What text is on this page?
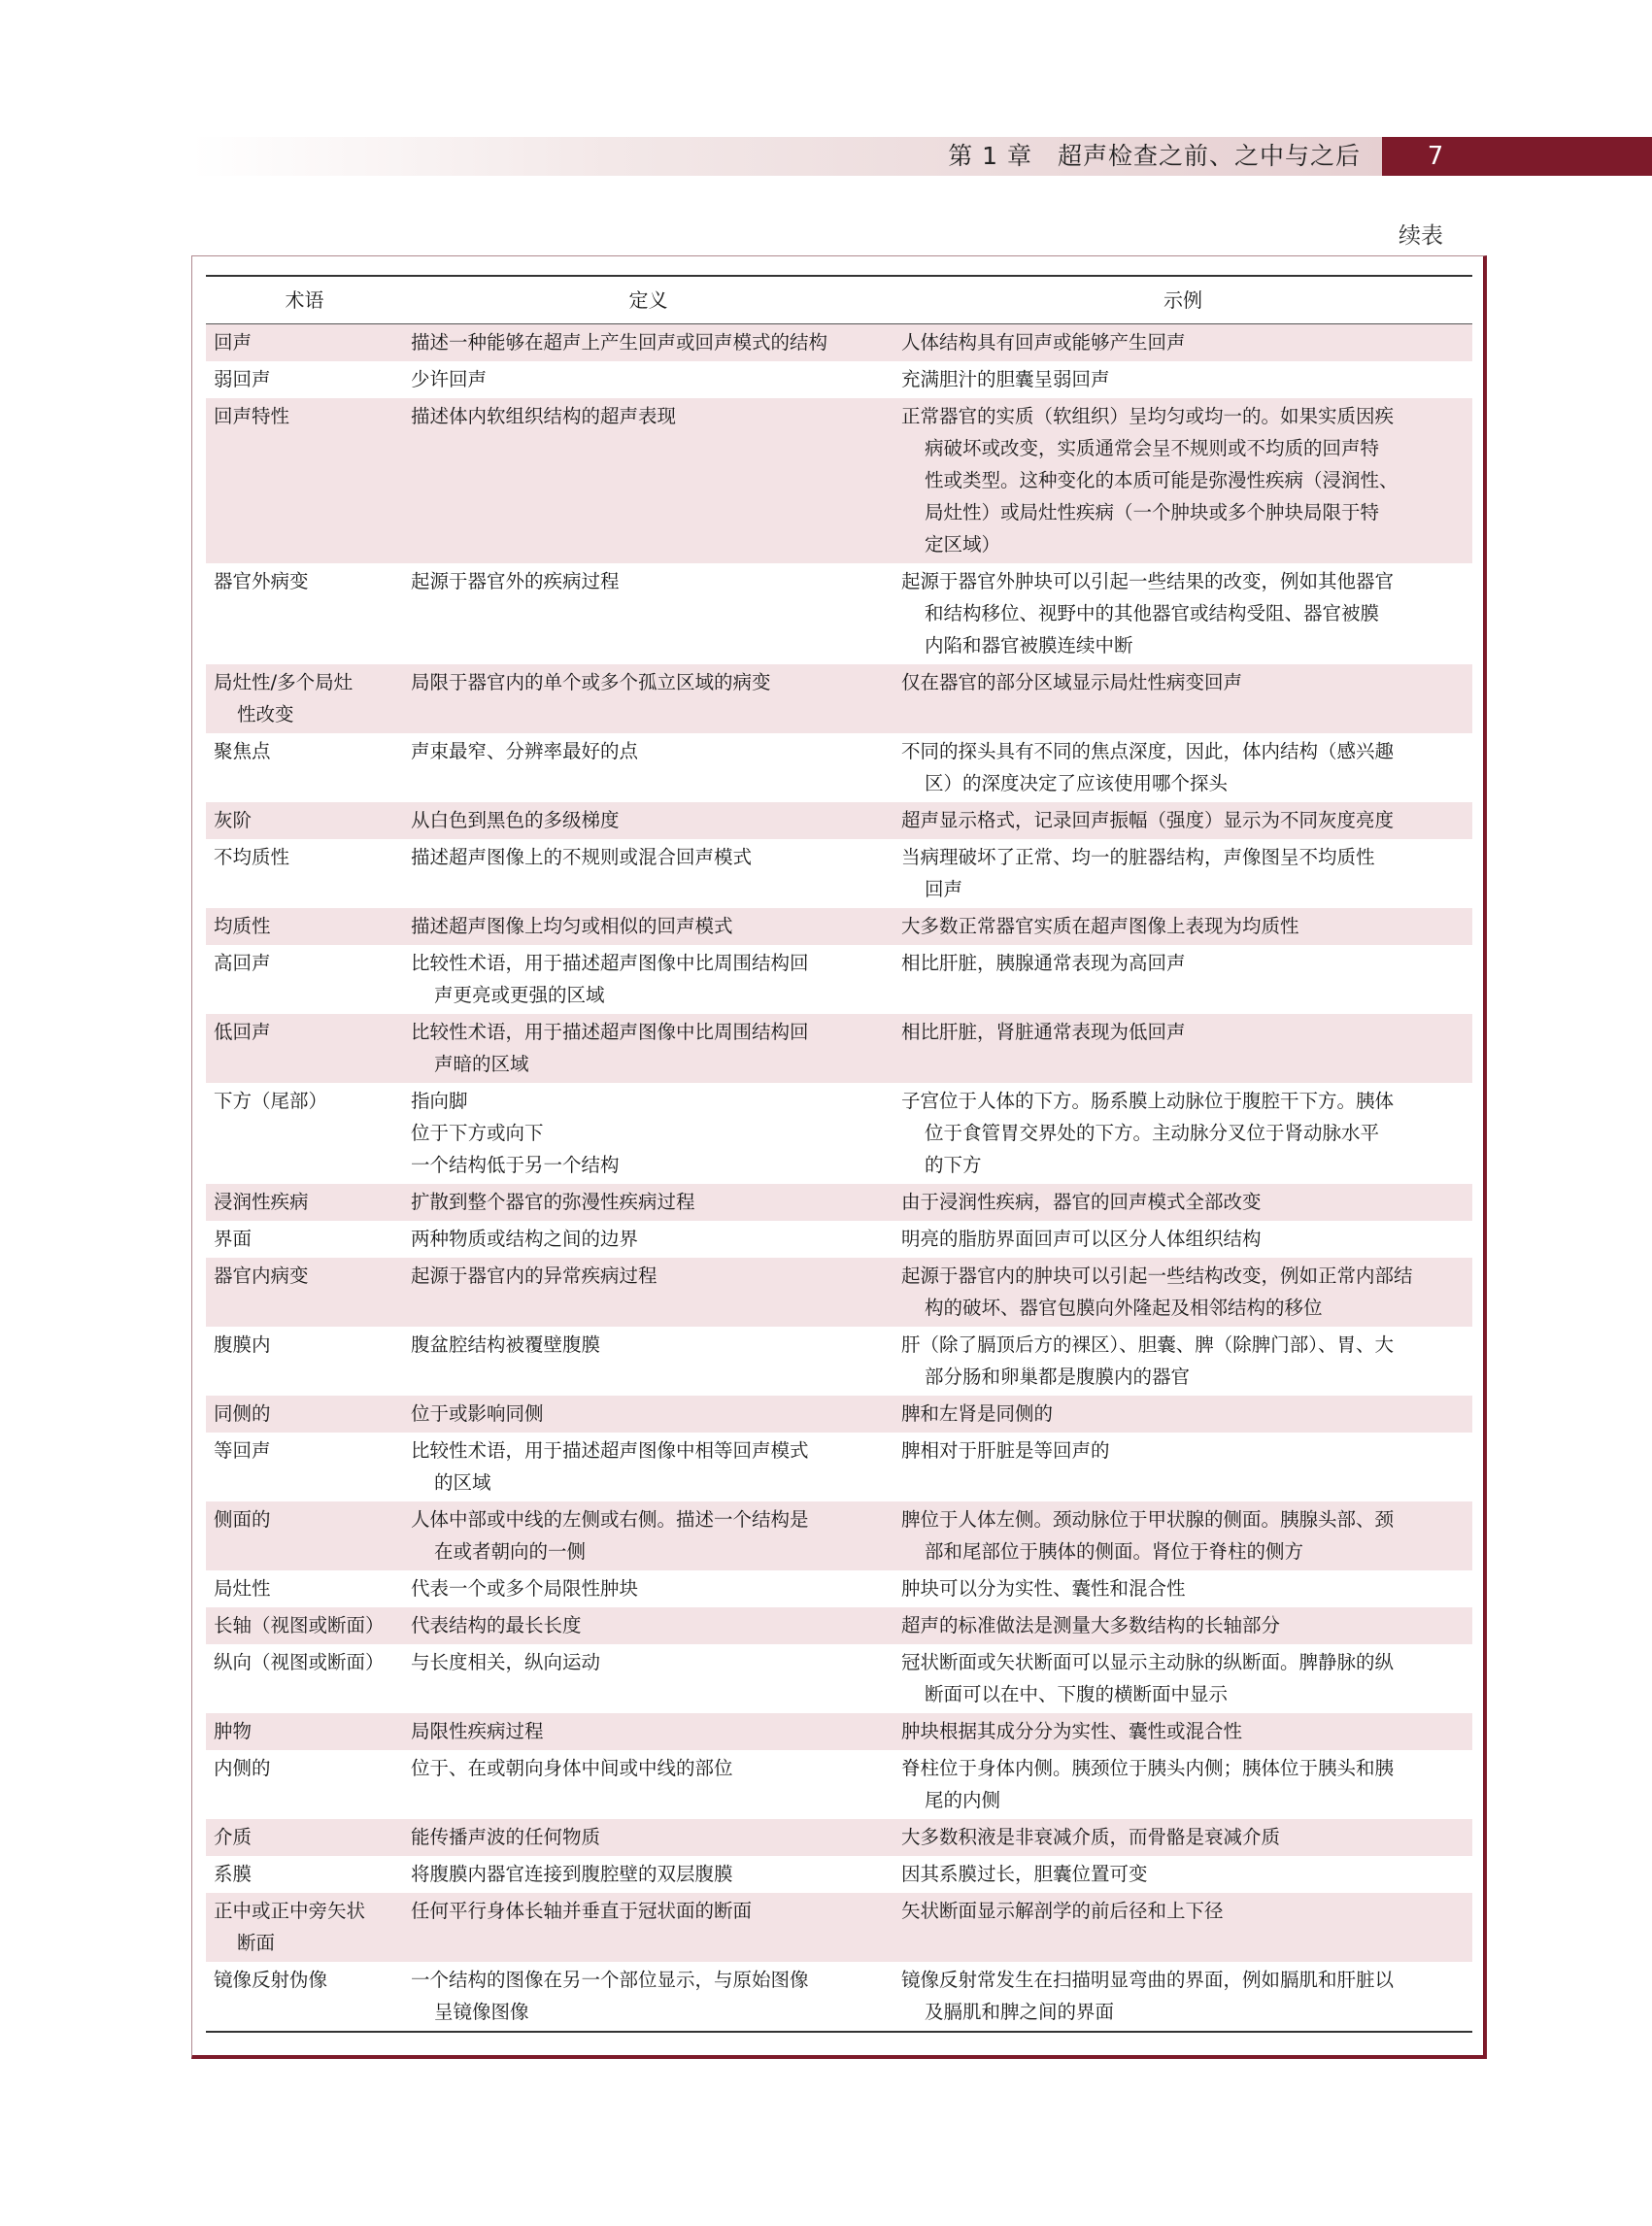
第 1 章　超声检查之前、之中与之后	7
续表
术语	定义	示例

回声	描述一种能够在超声上产生回声或回声模式的结构	人体结构具有回声或能够产生回声

弱回声	少许回声	充满胆汁的胆囊呈弱回声

回声特性	描述体内软组织结构的超声表现	正常器官的实质（软组织）呈均匀或均一的。如果实质因疾
病破坏或改变，实质通常会呈不规则或不均质的回声特
性或类型。这种变化的本质可能是弥漫性疾病（浸润性、
局灶性）或局灶性疾病（一个肿块或多个肿块局限于特
定区域）

器官外病变	起源于器官外的疾病过程	起源于器官外肿块可以引起一些结果的改变，例如其他器官
和结构移位、视野中的其他器官或结构受阻、器官被膜
内陷和器官被膜连续中断

局灶性/多个局灶
性改变	局限于器官内的单个或多个孤立区域的病变	仅在器官的部分区域显示局灶性病变回声

聚焦点	声束最窄、分辨率最好的点	不同的探头具有不同的焦点深度，因此，体内结构（感兴趣
区）的深度决定了应该使用哪个探头

灰阶	从白色到黑色的多级梯度	超声显示格式，记录回声振幅（强度）显示为不同灰度亮度

不均质性	描述超声图像上的不规则或混合回声模式	当病理破坏了正常、均一的脏器结构，声像图呈不均质性
回声

均质性	描述超声图像上均匀或相似的回声模式	大多数正常器官实质在超声图像上表现为均质性

高回声	比较性术语，用于描述超声图像中比周围结构回
声更亮或更强的区域	相比肝脏，胰腺通常表现为高回声

低回声	比较性术语，用于描述超声图像中比周围结构回
声暗的区域	相比肝脏，肾脏通常表现为低回声

下方（尾部）	指向脚
位于下方或向下
一个结构低于另一个结构	子宫位于人体的下方。肠系膜上动脉位于腹腔干下方。胰体
位于食管胃交界处的下方。主动脉分叉位于肾动脉水平
的下方

浸润性疾病	扩散到整个器官的弥漫性疾病过程	由于浸润性疾病，器官的回声模式全部改变

界面	两种物质或结构之间的边界	明亮的脂肪界面回声可以区分人体组织结构

器官内病变	起源于器官内的异常疾病过程	起源于器官内的肿块可以引起一些结构改变，例如正常内部结
构的破坏、器官包膜向外隆起及相邻结构的移位

腹膜内	腹盆腔结构被覆壁腹膜	肝（除了膈顶后方的裸区）、胆囊、脾（除脾门部）、胃、大
部分肠和卵巢都是腹膜内的器官

同侧的	位于或影响同侧	脾和左肾是同侧的

等回声	比较性术语，用于描述超声图像中相等回声模式
的区域	脾相对于肝脏是等回声的

侧面的	人体中部或中线的左侧或右侧。描述一个结构是
在或者朝向的一侧	脾位于人体左侧。颈动脉位于甲状腺的侧面。胰腺头部、颈
部和尾部位于胰体的侧面。肾位于脊柱的侧方

局灶性	代表一个或多个局限性肿块	肿块可以分为实性、囊性和混合性

长轴（视图或断面）	代表结构的最长长度	超声的标准做法是测量大多数结构的长轴部分

纵向（视图或断面）	与长度相关，纵向运动	冠状断面或矢状断面可以显示主动脉的纵断面。脾静脉的纵
断面可以在中、下腹的横断面中显示

肿物	局限性疾病过程	肿块根据其成分分为实性、囊性或混合性

内侧的	位于、在或朝向身体中间或中线的部位	脊柱位于身体内侧。胰颈位于胰头内侧；胰体位于胰头和胰
尾的内侧

介质	能传播声波的任何物质	大多数积液是非衰减介质，而骨骼是衰减介质

系膜	将腹膜内器官连接到腹腔壁的双层腹膜	因其系膜过长，胆囊位置可变

正中或正中旁矢状
断面	任何平行身体长轴并垂直于冠状面的断面	矢状断面显示解剖学的前后径和上下径

镜像反射伪像	一个结构的图像在另一个部位显示，与原始图像
呈镜像图像	镜像反射常发生在扫描明显弯曲的界面，例如膈肌和肝脏以
及膈肌和脾之间的界面
